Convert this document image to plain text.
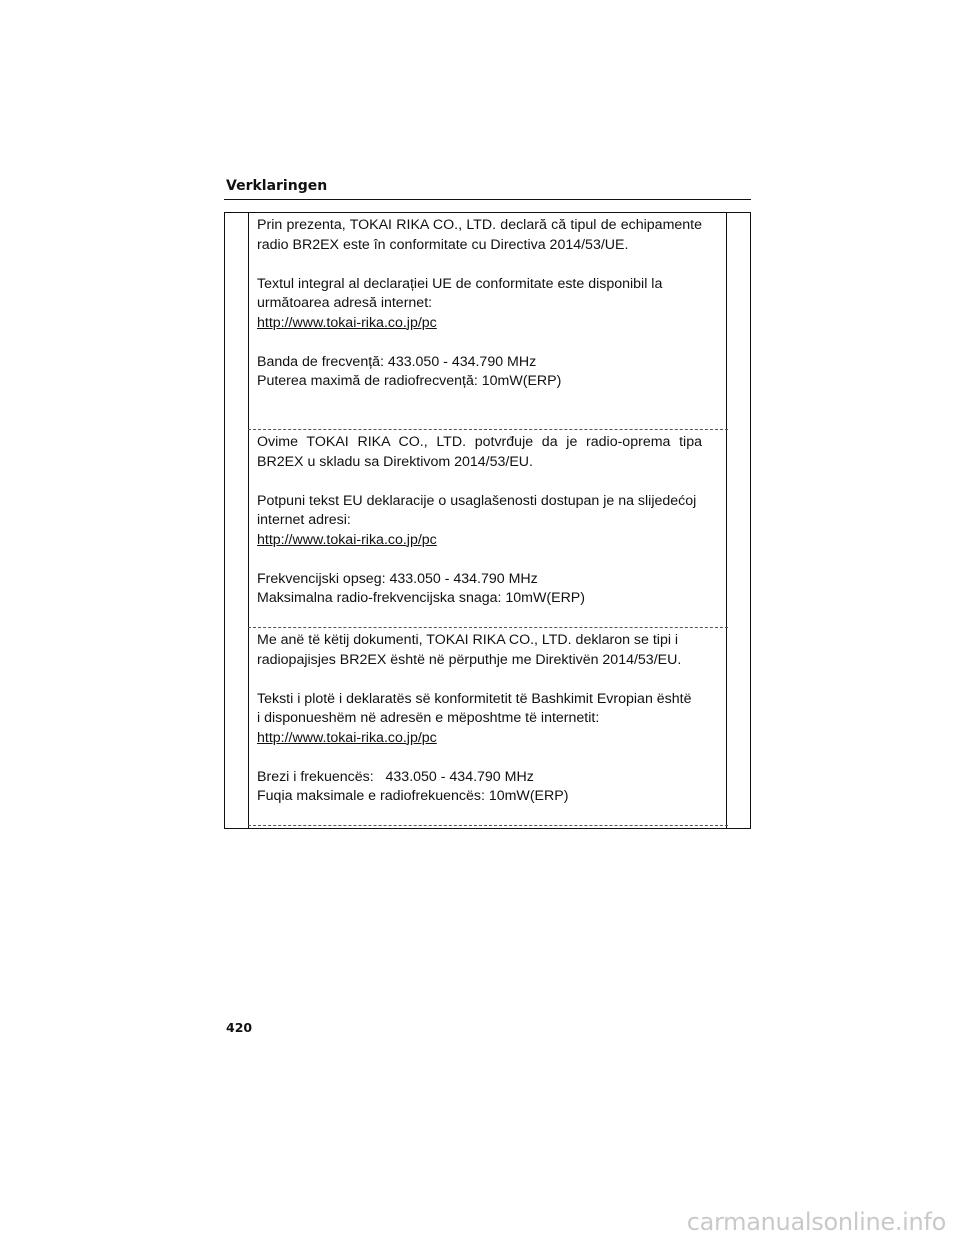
Verklaringen

Prin prezenta, TOKAI RIKA CO., LTD. declară că tipul de echipamente radio BR2EX este în conformitate cu Directiva 2014/53/UE.

Textul integral al declarației UE de conformitate este disponibil la

următoarea adresă internet:

http://www.tokai-rika.co.jp/pc

Banda de frecvență: 433.050 - 434.790 MHz

Puterea maximă de radiofrecvență: 10mW(ERP)

Ovime TOKAI RIKA CO., LTD. potvrđuje da je radio-oprema tipa BR2EX u skladu sa Direktivom 2014/53/EU.

Potpuni tekst EU deklaracije o usaglašenosti dostupan je na slijedećoj

internet adresi:

http://www.tokai-rika.co.jp/pc

Frekvencijski opseg: 433.050 - 434.790 MHz

Maksimalna radio-frekvencijska snaga: 10mW(ERP)

Me anë të këtij dokumenti, TOKAI RIKA CO., LTD. deklaron se tipi i

radiopajisjes BR2EX është në përputhje me Direktivën 2014/53/EU.

Teksti i plotë i deklaratës së konformitetit të Bashkimit Evropian është

i disponueshëm në adresën e mëposhtme të internetit:

http://www.tokai-rika.co.jp/pc

Brezi i frekuencës:   433.050 - 434.790 MHz

Fuqia maksimale e radiofrekuencës: 10mW(ERP)

420
carmanualsonline.info
